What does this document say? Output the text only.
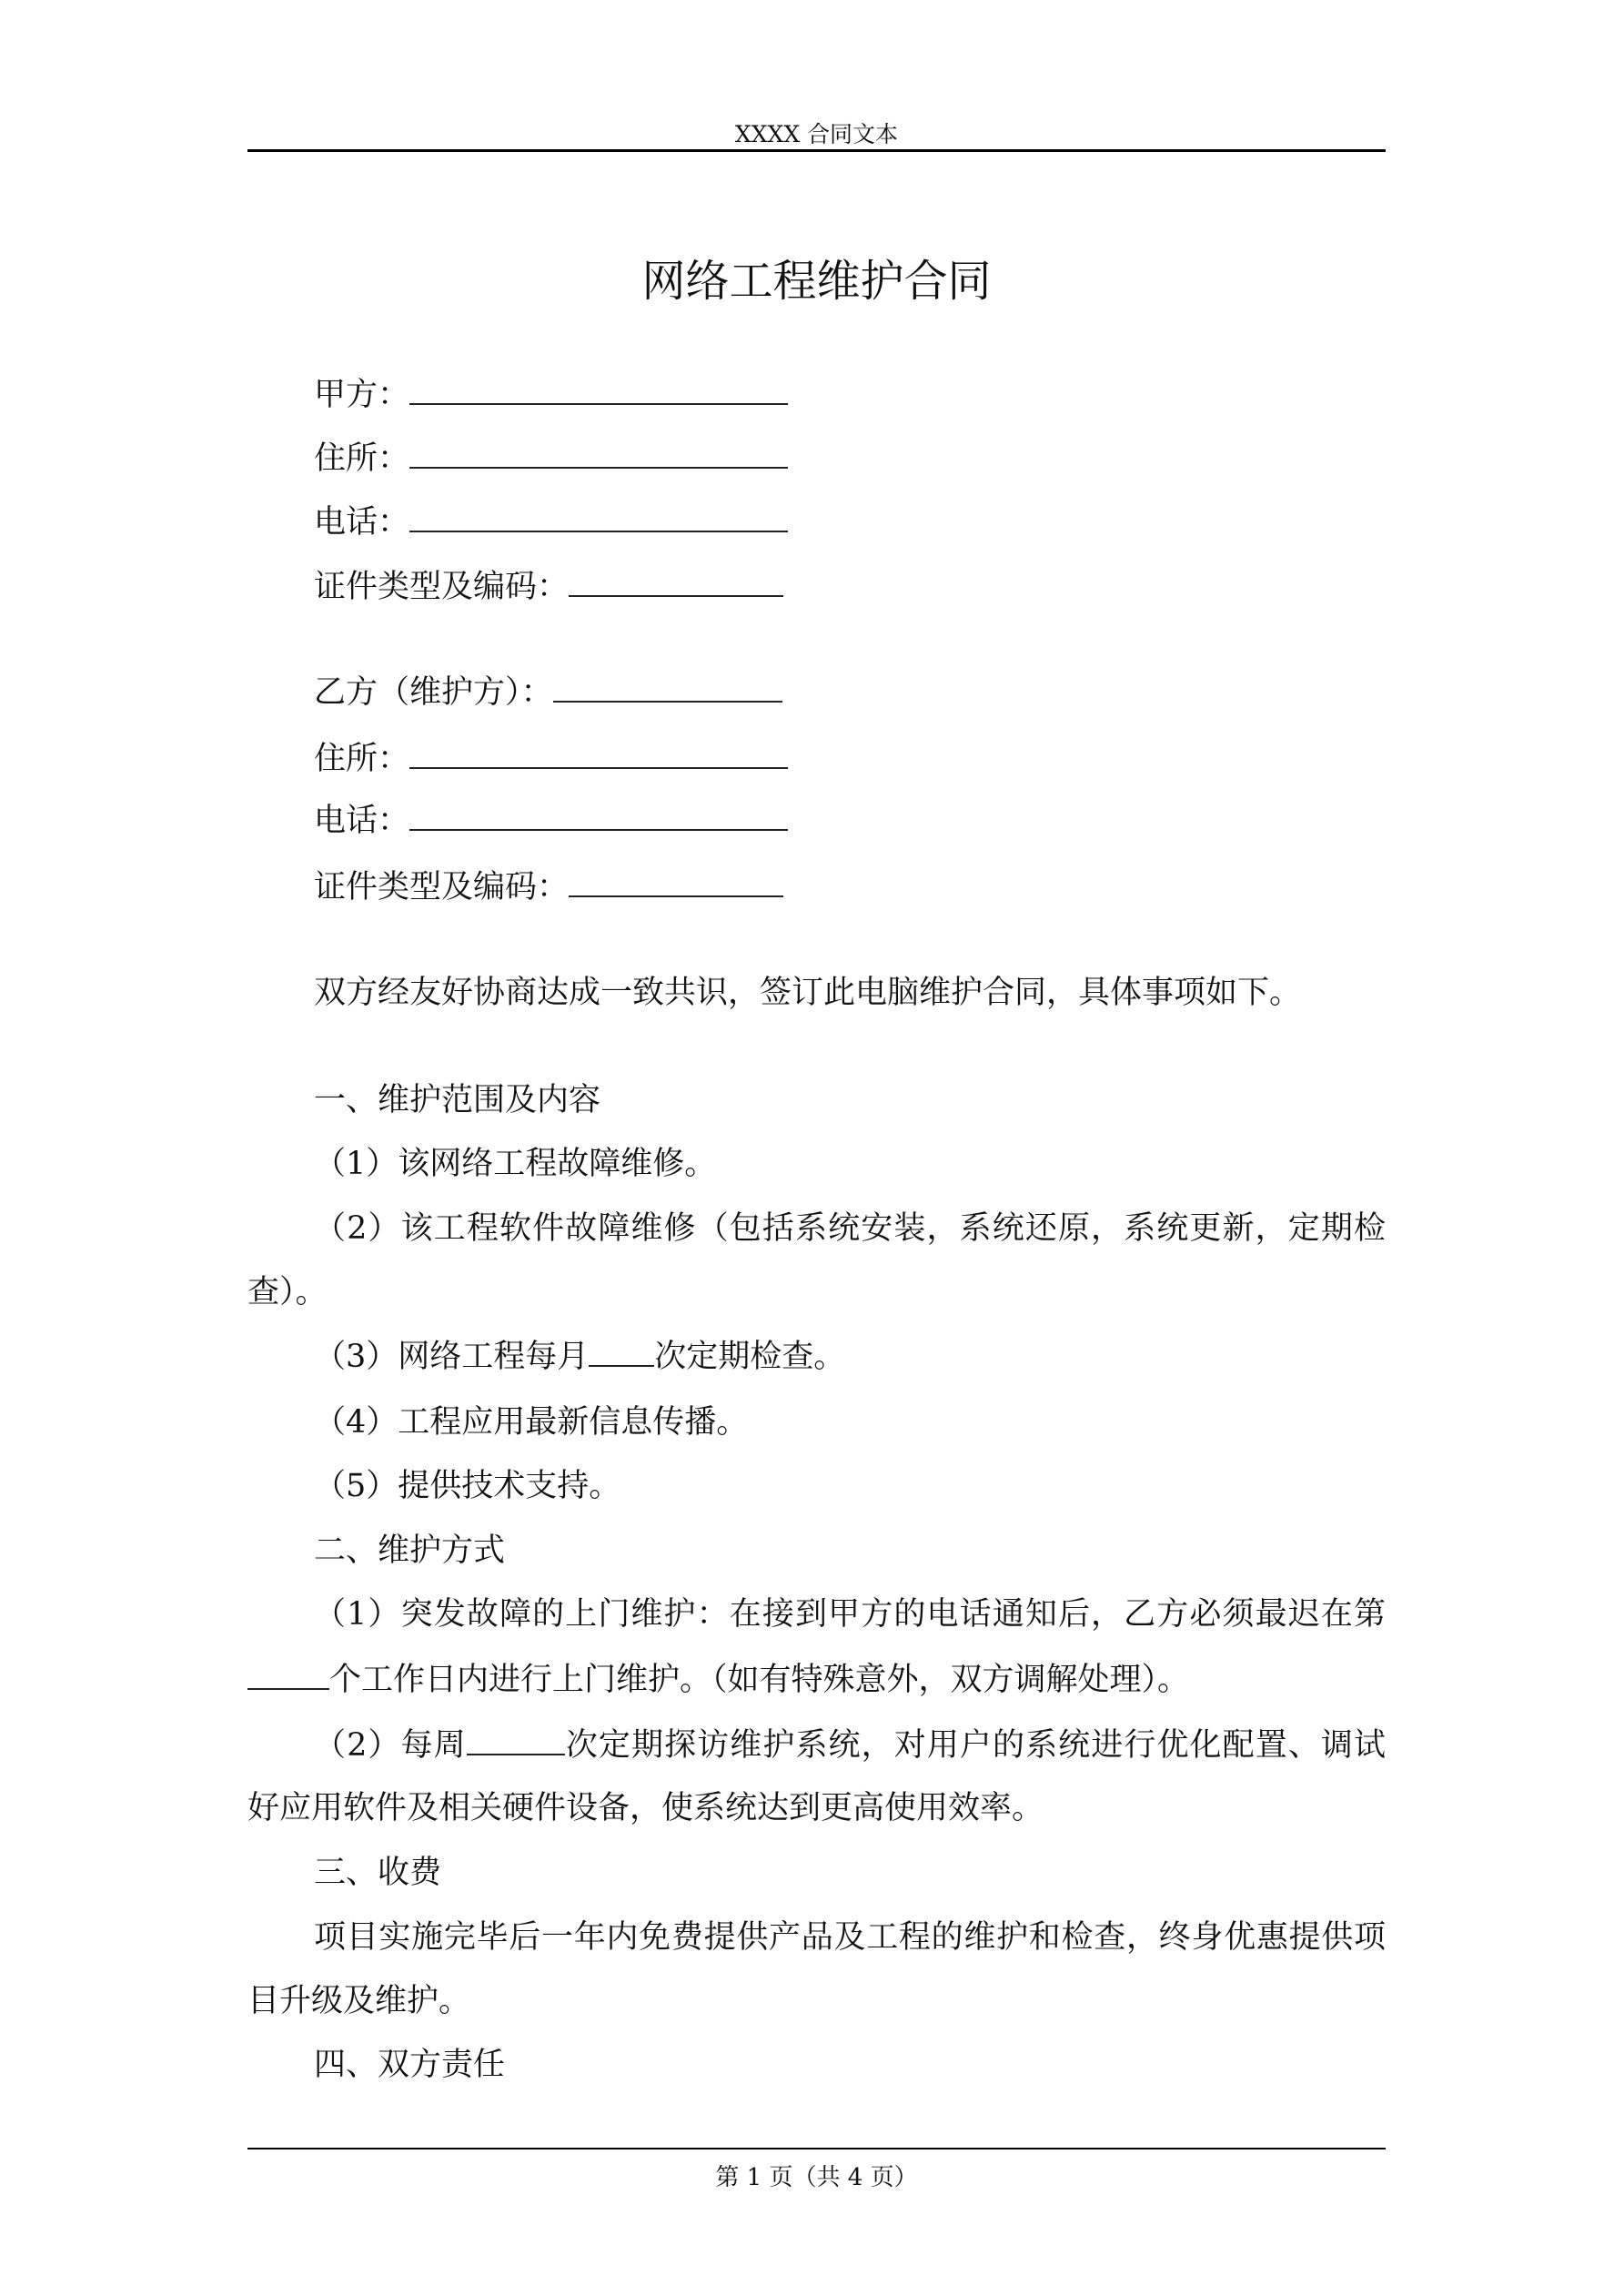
XXXX 合同文本
网络工程维护合同
甲方：
住所：
电话：
证件类型及编码：
乙方（维护方）：
住所：
电话：
证件类型及编码：
双方经友好协商达成一致共识，签订此电脑维护合同，具体事项如下。
一、维护范围及内容
（1）该网络工程故障维修。
（2）该工程软件故障维修（包括系统安装，系统还原，系统更新，定期检
查）。
（3）网络工程每月 次定期检查。
（4）工程应用最新信息传播。
（5）提供技术支持。
二、维护方式
（1）突发故障的上门维护：在接到甲方的电话通知后，乙方必须最迟在第
个工作日内进行上门维护。（如有特殊意外，双方调解处理）。
（2）每周	次定期探访维护系统，对用户的系统进行优化配置、调试
好应用软件及相关硬件设备，使系统达到更高使用效率。
三、收费
项目实施完毕后一年内免费提供产品及工程的维护和检查，终身优惠提供项
目升级及维护。
四、双方责任
第 1 页（共 4 页）
